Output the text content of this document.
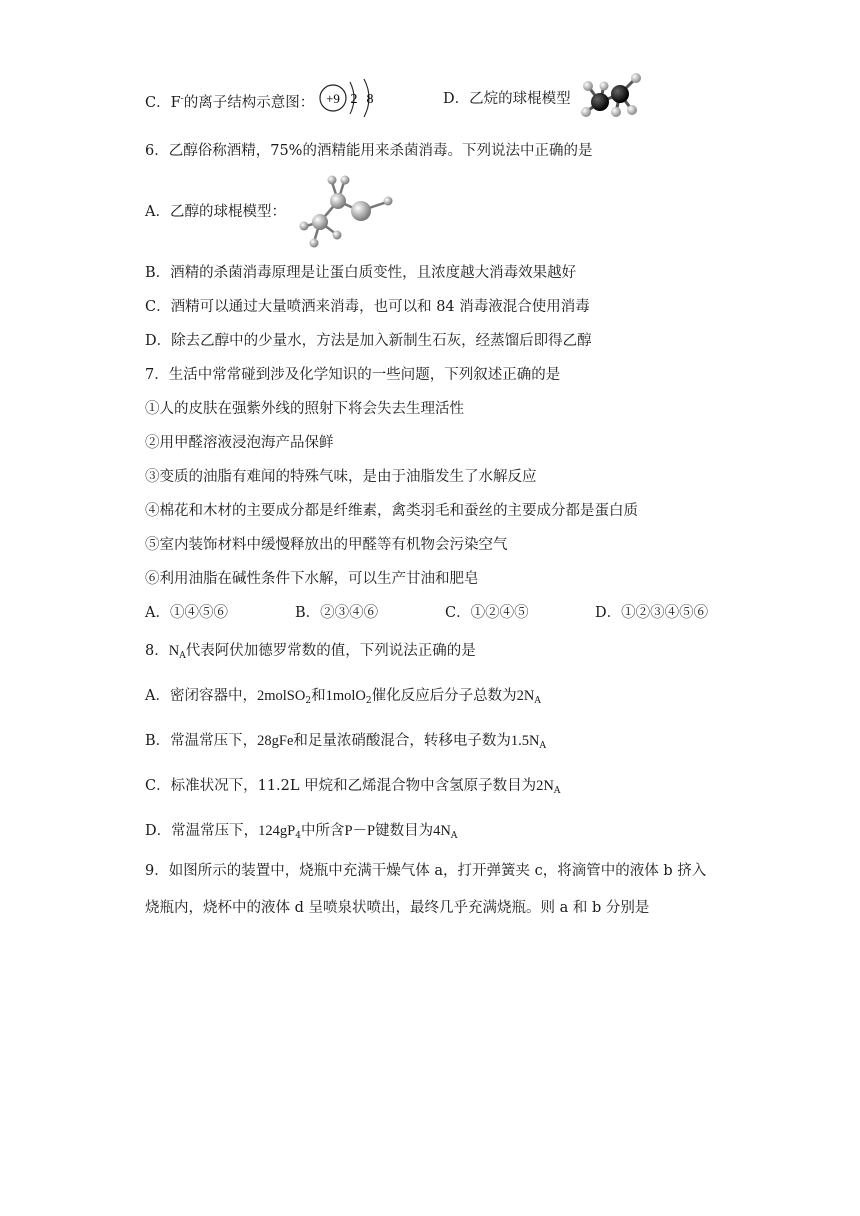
C．F-的离子结构示意图： +9 2 8	D．乙烷的球棍模型
6．乙醇俗称酒精，75%的酒精能用来杀菌消毒。下列说法中正确的是
A．乙醇的球棍模型：
B．酒精的杀菌消毒原理是让蛋白质变性，且浓度越大消毒效果越好
C．酒精可以通过大量喷洒来消毒，也可以和 84 消毒液混合使用消毒
D．除去乙醇中的少量水，方法是加入新制生石灰，经蒸馏后即得乙醇
7．生活中常常碰到涉及化学知识的一些问题，下列叙述正确的是
①人的皮肤在强紫外线的照射下将会失去生理活性
②用甲醛溶液浸泡海产品保鲜
③变质的油脂有难闻的特殊气味，是由于油脂发生了水解反应
④棉花和木材的主要成分都是纤维素，禽类羽毛和蚕丝的主要成分都是蛋白质
⑤室内装饰材料中缓慢释放出的甲醛等有机物会污染空气
⑥利用油脂在碱性条件下水解，可以生产甘油和肥皂
A．①④⑤⑥	B．②③④⑥	C．①②④⑤	D．①②③④⑤⑥
8．$N_A$代表阿伏加德罗常数的值，下列说法正确的是
A．密闭容器中，2molSO$_2$和1molO$_2$催化反应后分子总数为$2N_A$
B．常温常压下，28gFe和足量浓硝酸混合，转移电子数为$1.5N_A$
C．标准状况下，11.2L 甲烷和乙烯混合物中含氢原子数目为$2N_A$
D．常温常压下，$124gP_4$中所含P－P键数目为$4N_A$
9．如图所示的装置中，烧瓶中充满干燥气体 a，打开弹簧夹 c，将滴管中的液体 b 挤入
烧瓶内，烧杯中的液体 d 呈喷泉状喷出，最终几乎充满烧瓶。则 a 和 b 分别是
